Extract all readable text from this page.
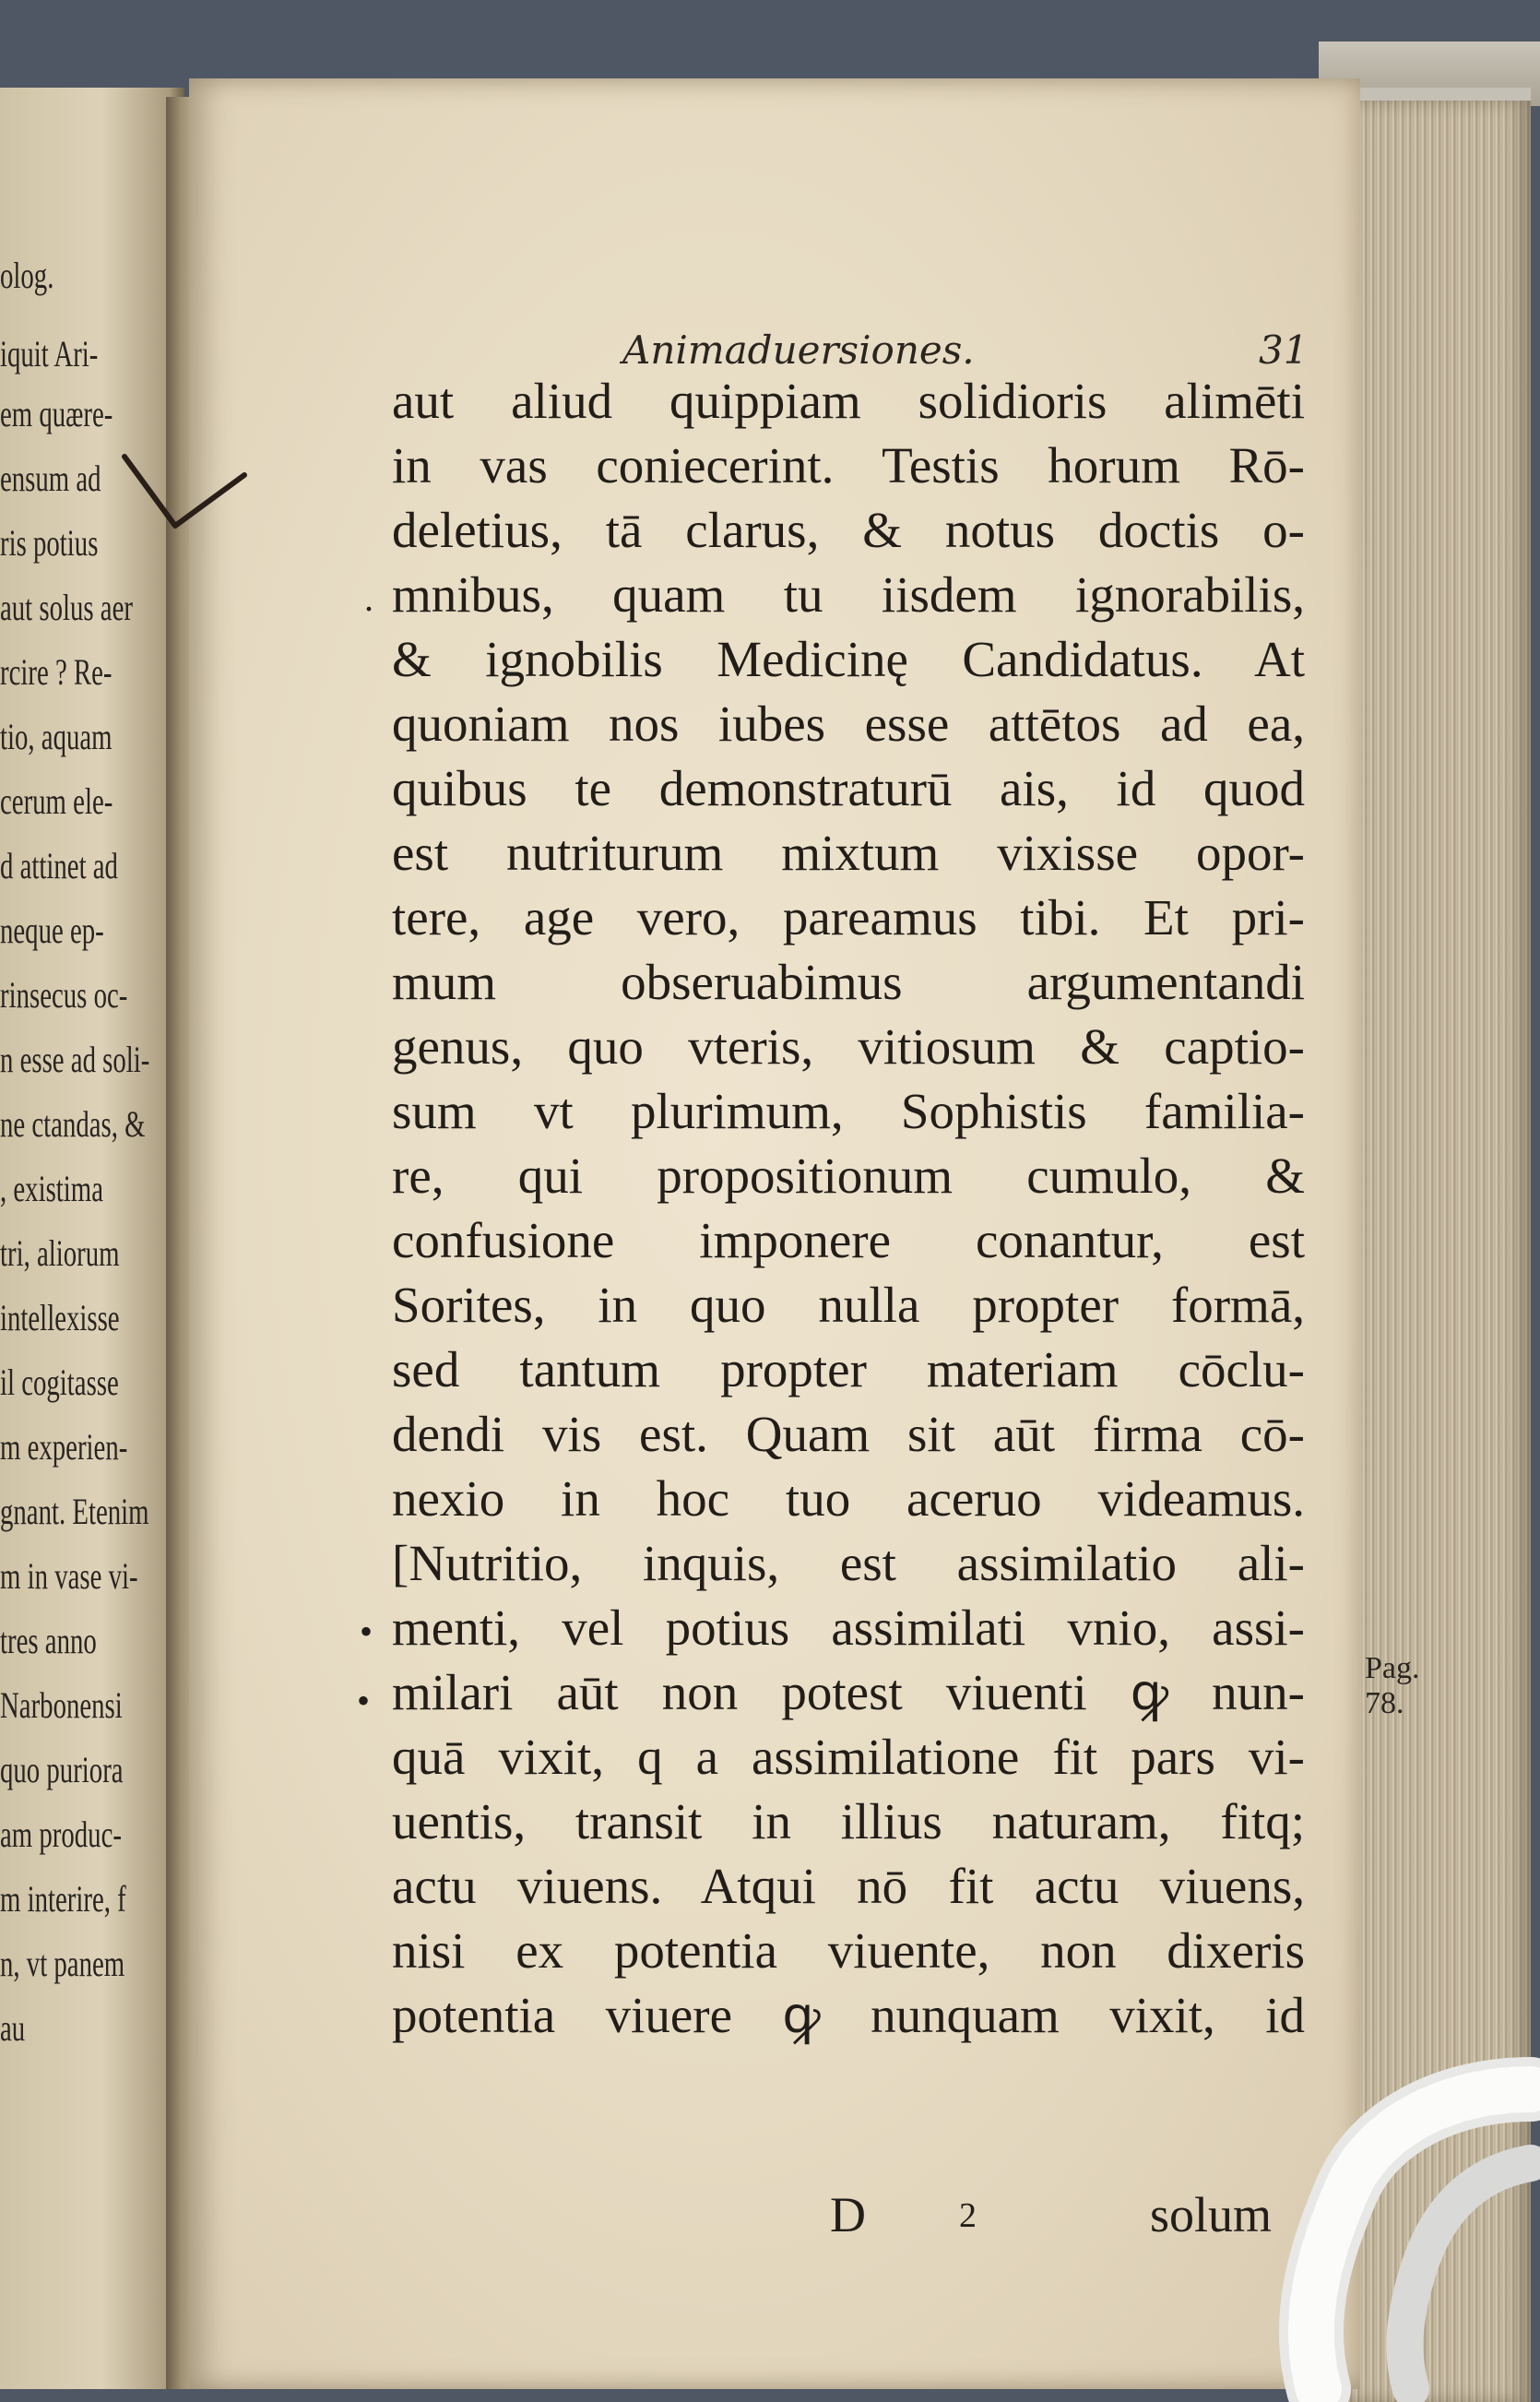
olog.
iquit Ari-
em quære-
ensum ad
ris potius
aut solus aer
rcire ? Re-
tio, aquam
cerum ele-
d attinet ad
neque ep-
rinsecus oc-
n esse ad soli-
ne ctandas, &
, existima
tri, aliorum
intellexisse
il cogitasse
m experien-
gnant. Etenim
m in vase vi-
tres anno
Narbonensi
quo puriora
am produc-
m interire, f
n, vt panem
au
Animaduersiones.	31
aut aliud quippiam solidioris alimēti
in vas coniecerint. Testis horum Rō-
deletius, tā clarus, & notus doctis o-
mnibus, quam tu iisdem ignorabilis,
& ignobilis Medicinę Candidatus. At
quoniam nos iubes esse attētos ad ea,
quibus te demonstraturū ais, id quod
est nutriturum mixtum vixisse opor-
tere, age vero, pareamus tibi. Et pri-
mum obseruabimus argumentandi
genus, quo vteris, vitiosum & captio-
sum vt plurimum, Sophistis familia-
re, qui propositionum cumulo, &
confusione imponere conantur, est
Sorites, in quo nulla propter formā,
sed tantum propter materiam cōclu-
dendi vis est. Quam sit aūt firma cō-
nexio in hoc tuo aceruo videamus.
[Nutritio, inquis, est assimilatio ali-
menti, vel potius assimilati vnio, assi-
milari aūt non potest viuenti ꝙ nun-
quā vixit, q a assimilatione fit pars vi-
uentis, transit in illius naturam, fitq;
actu viuens. Atqui nō fit actu viuens,
nisi ex potentia viuente, non dixeris
potentia viuere ꝙ nunquam vixit, id
.
•
•
D	2	solum
Pag. 78.
